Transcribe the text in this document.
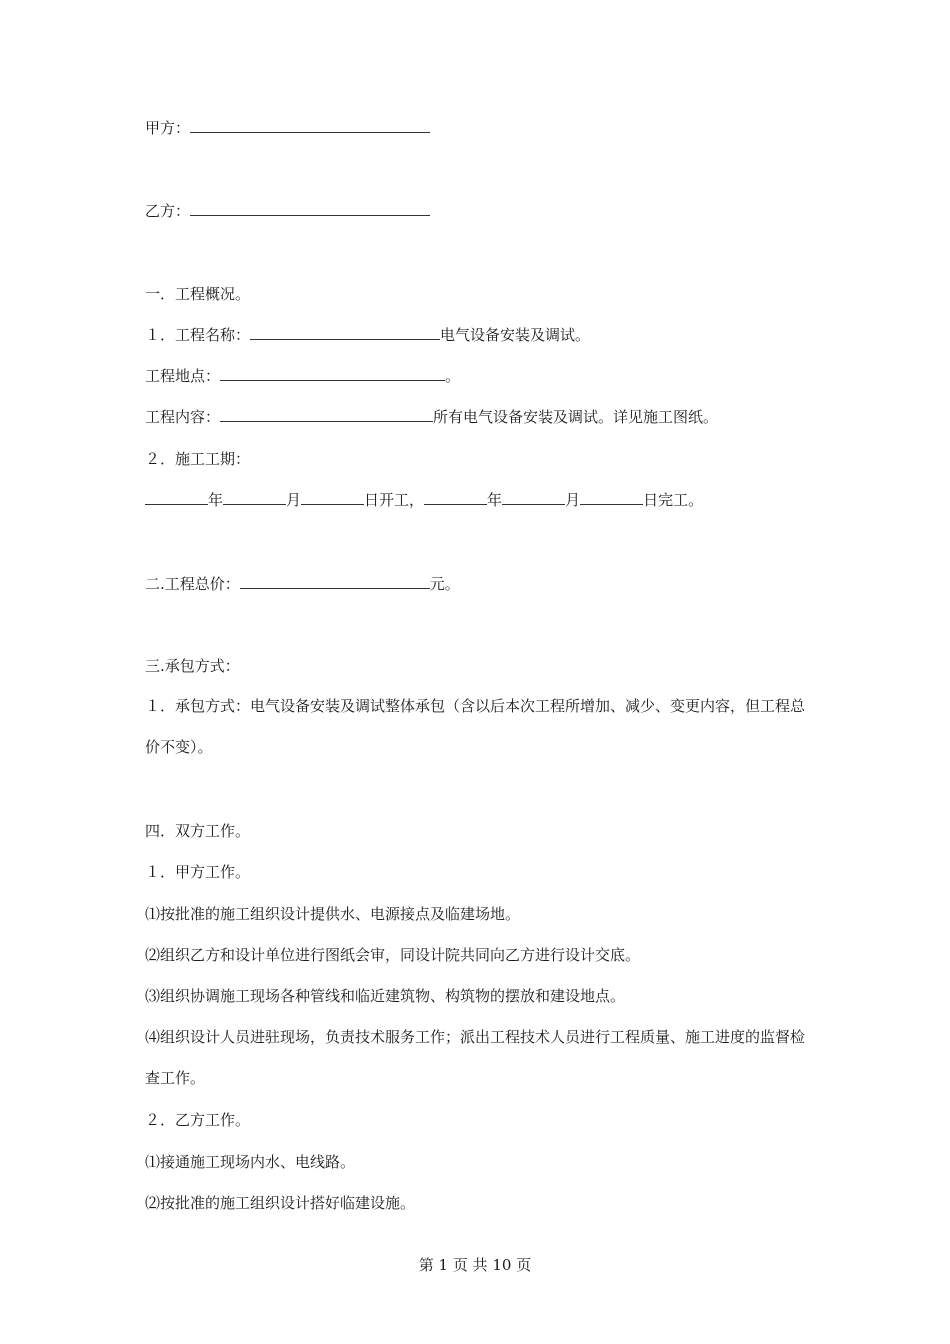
甲方：
乙方：
一．工程概况。
１．工程名称：	电气设备安装及调试。
工程地点：	。
工程内容：	所有电气设备安装及调试。详见施工图纸。
２．施工工期：
年	月	日开工，	年	月	日完工。
二.工程总价：	元。
三.承包方式：
１．承包方式：电气设备安装及调试整体承包（含以后本次工程所增加、减少、变更内容，但工程总价不变）。
四．双方工作。
１．甲方工作。
⑴按批准的施工组织设计提供水、电源接点及临建场地。
⑵组织乙方和设计单位进行图纸会审，同设计院共同向乙方进行设计交底。
⑶组织协调施工现场各种管线和临近建筑物、构筑物的摆放和建设地点。
⑷组织设计人员进驻现场，负责技术服务工作；派出工程技术人员进行工程质量、施工进度的监督检查工作。
２．乙方工作。
⑴接通施工现场内水、电线路。
⑵按批准的施工组织设计搭好临建设施。
第 1 页 共 10 页
